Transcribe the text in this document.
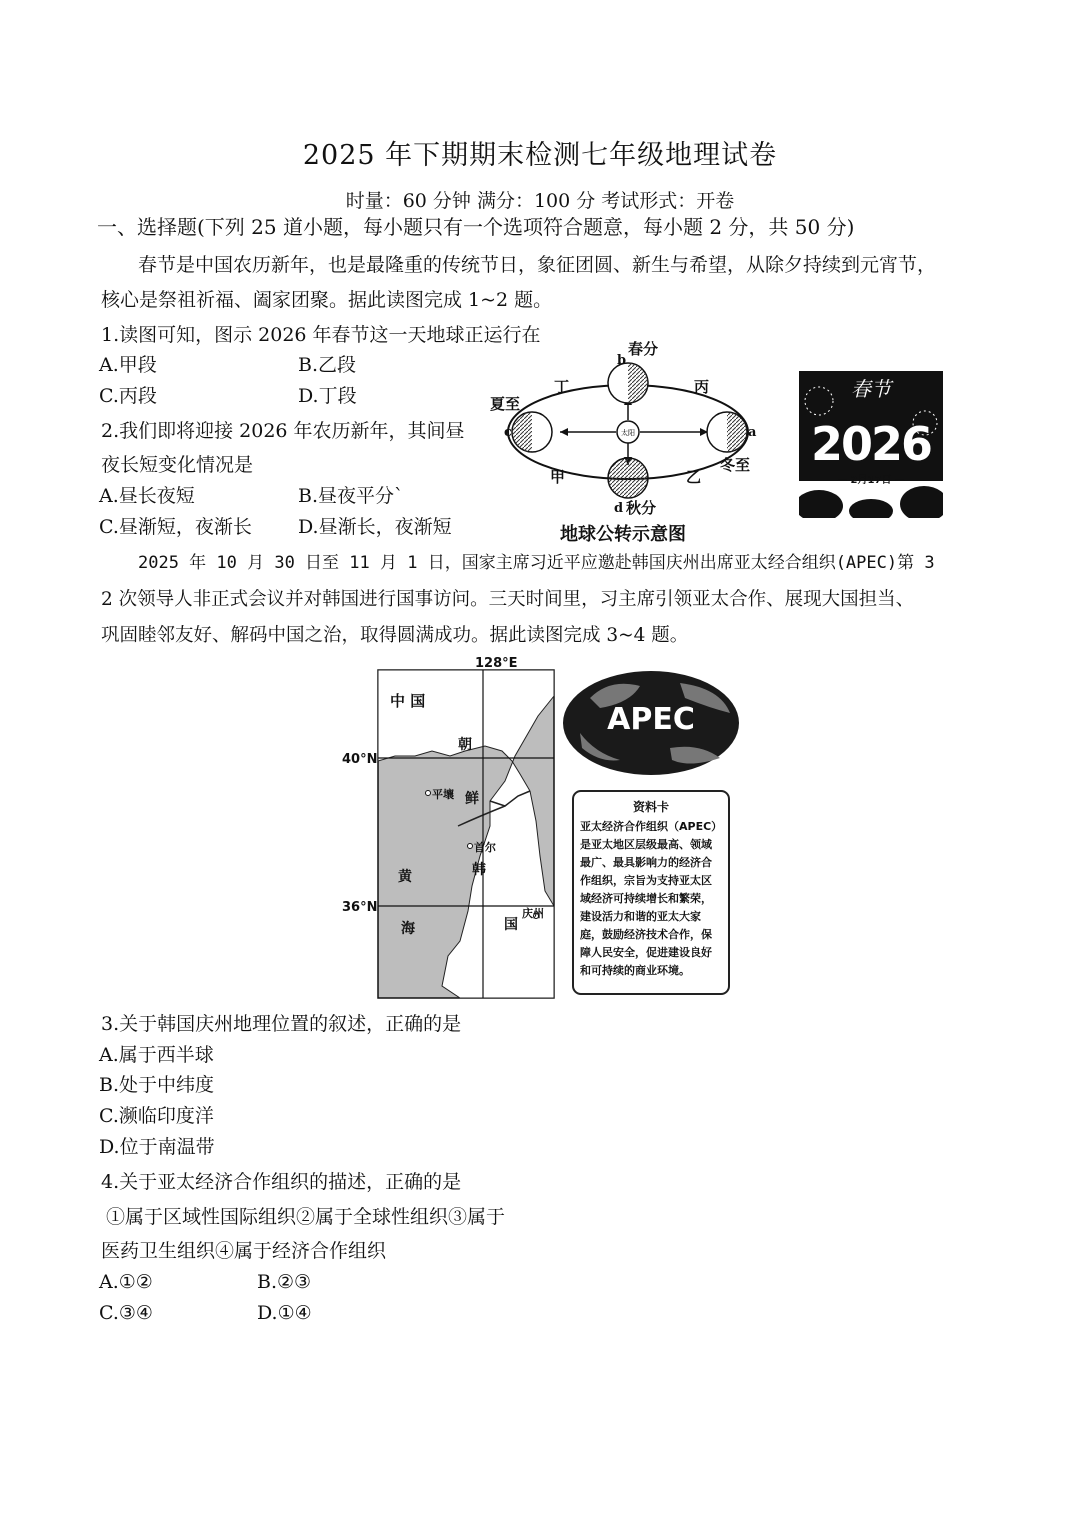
2025 年下期期末检测七年级地理试卷
时量：60 分钟 满分：100 分 考试形式：开卷
一、选择题(下列 25 道小题，每小题只有一个选项符合题意，每小题 2 分，共 50 分)
春节是中国农历新年，也是最隆重的传统节日，象征团圆、新生与希望，从除夕持续到元宵节，
核心是祭祖祈福、阖家团聚。据此读图完成 1~2 题。
1.读图可知，图示 2026 年春节这一天地球正运行在
A.甲段	B.乙段
C.丙段	D.丁段
2.我们即将迎接 2026 年农历新年，其间昼
夜长短变化情况是
A.昼长夜短	B.昼夜平分`
C.昼渐短，夜渐长 D.昼渐长，夜渐短
太阳
b
春分
夏至
c
d 秋分
a
冬至
甲	乙
丙
丁
地球公转示意图
春节
2026
— 2月17日 —
2025 年 10 月 30 日至 11 月 1 日，国家主席习近平应邀赴韩国庆州出席亚太经合组织(APEC)第 3
2 次领导人非正式会议并对韩国进行国事访问。三天时间里，习主席引领亚太合作、展现大国担当、
巩固睦邻友好、解码中国之治，取得圆满成功。据此读图完成 3~4 题。
128°E
40°N
36°N
中 国
朝
平壤 鲜
首尔
韩
黄
海	国
庆州
APEC
资料卡
亚太经济合作组织（APEC）是亚太地区层级最高、领域最广、最具影响力的经济合作组织，宗旨为支持亚太区域经济可持续增长和繁荣，建设活力和谐的亚太大家庭，鼓励经济技术合作，保障人民安全，促进建设良好和可持续的商业环境。
3.关于韩国庆州地理位置的叙述，正确的是
A.属于西半球
B.处于中纬度
C.濒临印度洋
D.位于南温带
4.关于亚太经济合作组织的描述，正确的是
①属于区域性国际组织②属于全球性组织③属于
医药卫生组织④属于经济合作组织
A.①②	B.②③
C.③④	D.①④
